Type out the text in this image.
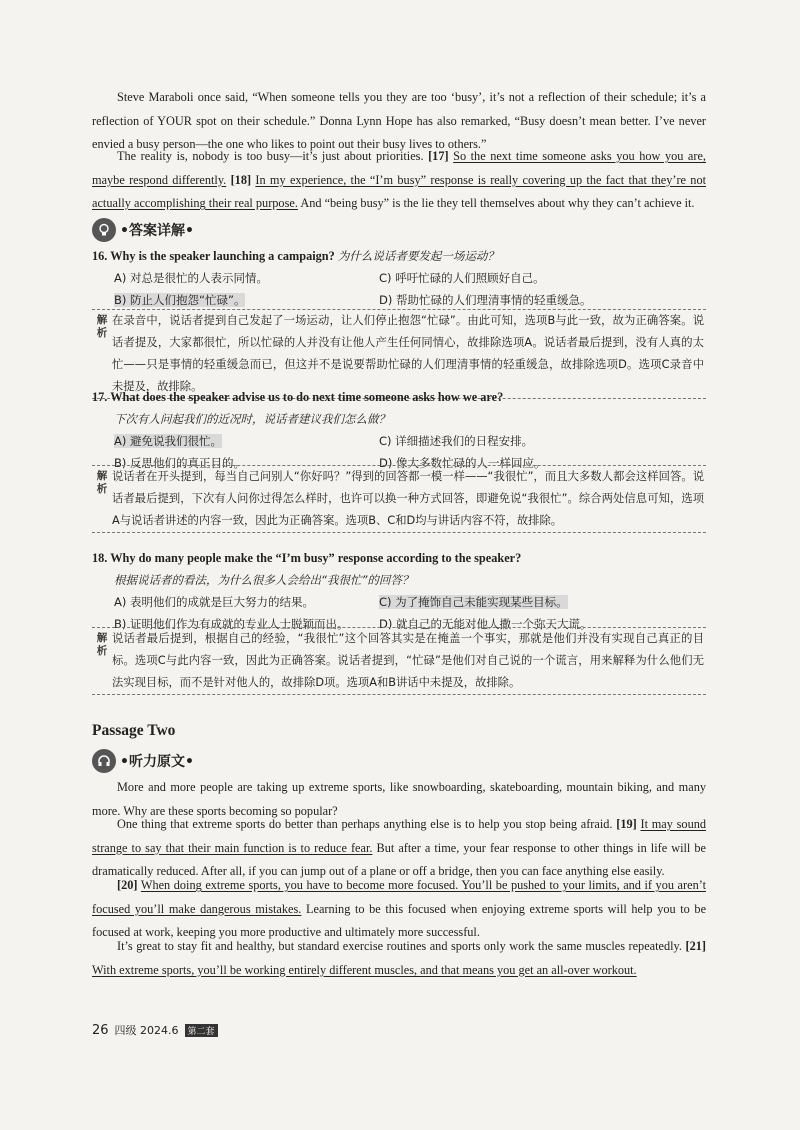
Steve Maraboli once said, “When someone tells you they are too ‘busy’, it’s not a reflection of their schedule; it’s a reflection of YOUR spot on their schedule.” Donna Lynn Hope has also remarked, “Busy doesn’t mean better. I’ve never envied a busy person—the one who likes to point out their busy lives to others.”

The reality is, nobody is too busy—it’s just about priorities. [17] So the next time someone asks you how you are, maybe respond differently. [18] In my experience, the “I’m busy” response is really covering up the fact that they’re not actually accomplishing their real purpose. And “being busy” is the lie they tell themselves about why they can’t achieve it.

•答案详解•
16. Why is the speaker launching a campaign? 为什么说话者要发起一场运动？
A) 对总是很忙的人表示同情。	C) 呼吁忙碌的人们照顾好自己。
B) 防止人们抱怨“忙碌”。	D) 帮助忙碌的人们理清事情的轻重缓急。
解析
在录音中，说话者提到自己发起了一场运动，让人们停止抱怨“忙碌”。由此可知，选项B与此一致，故为正确答案。说话者提及，大家都很忙，所以忙碌的人并没有让他人产生任何同情心，故排除选项A。说话者最后提到，没有人真的太忙——只是事情的轻重缓急而已，但这并不是说要帮助忙碌的人们理清事情的轻重缓急，故排除选项D。选项C录音中未提及，故排除。
17. What does the speaker advise us to do next time someone asks how we are?
下次有人问起我们的近况时，说话者建议我们怎么做？
A) 避免说我们很忙。	C) 详细描述我们的日程安排。
B) 反思他们的真正目的。	D) 像大多数忙碌的人一样回应。
解析
说话者在开头提到，每当自己问别人“你好吗？”得到的回答都一模一样——“我很忙”，而且大多数人都会这样回答。说话者最后提到，下次有人问你过得怎么样时，也许可以换一种方式回答，即避免说“我很忙”。综合两处信息可知，选项A与说话者讲述的内容一致，因此为正确答案。选项B、C和D均与讲话内容不符，故排除。
18. Why do many people make the “I’m busy” response according to the speaker?
根据说话者的看法，为什么很多人会给出“我很忙”的回答？
A) 表明他们的成就是巨大努力的结果。	C) 为了掩饰自己未能实现某些目标。
B) 证明他们作为有成就的专业人士脱颖而出。	D) 就自己的无能对他人撒一个弥天大谎。
解析
说话者最后提到，根据自己的经验，“我很忙”这个回答其实是在掩盖一个事实，那就是他们并没有实现自己真正的目标。选项C与此内容一致，因此为正确答案。说话者提到，“忙碌”是他们对自己说的一个谎言，用来解释为什么他们无法实现目标，而不是针对他人的，故排除D项。选项A和B讲话中未提及，故排除。
Passage Two
•听力原文•

More and more people are taking up extreme sports, like snowboarding, skateboarding, mountain biking, and many more. Why are these sports becoming so popular?

One thing that extreme sports do better than perhaps anything else is to help you stop being afraid. [19] It may sound strange to say that their main function is to reduce fear. But after a time, your fear response to other things in life will be dramatically reduced. After all, if you can jump out of a plane or off a bridge, then you can face anything else easily.

[20] When doing extreme sports, you have to become more focused. You’ll be pushed to your limits, and if you aren’t focused you’ll make dangerous mistakes. Learning to be this focused when enjoying extreme sports will help you to be focused at work, keeping you more productive and ultimately more successful.

It’s great to stay fit and healthy, but standard exercise routines and sports only work the same muscles repeatedly. [21] With extreme sports, you’ll be working entirely different muscles, and that means you get an all-over workout.

26 四级 2024.6	第二套
